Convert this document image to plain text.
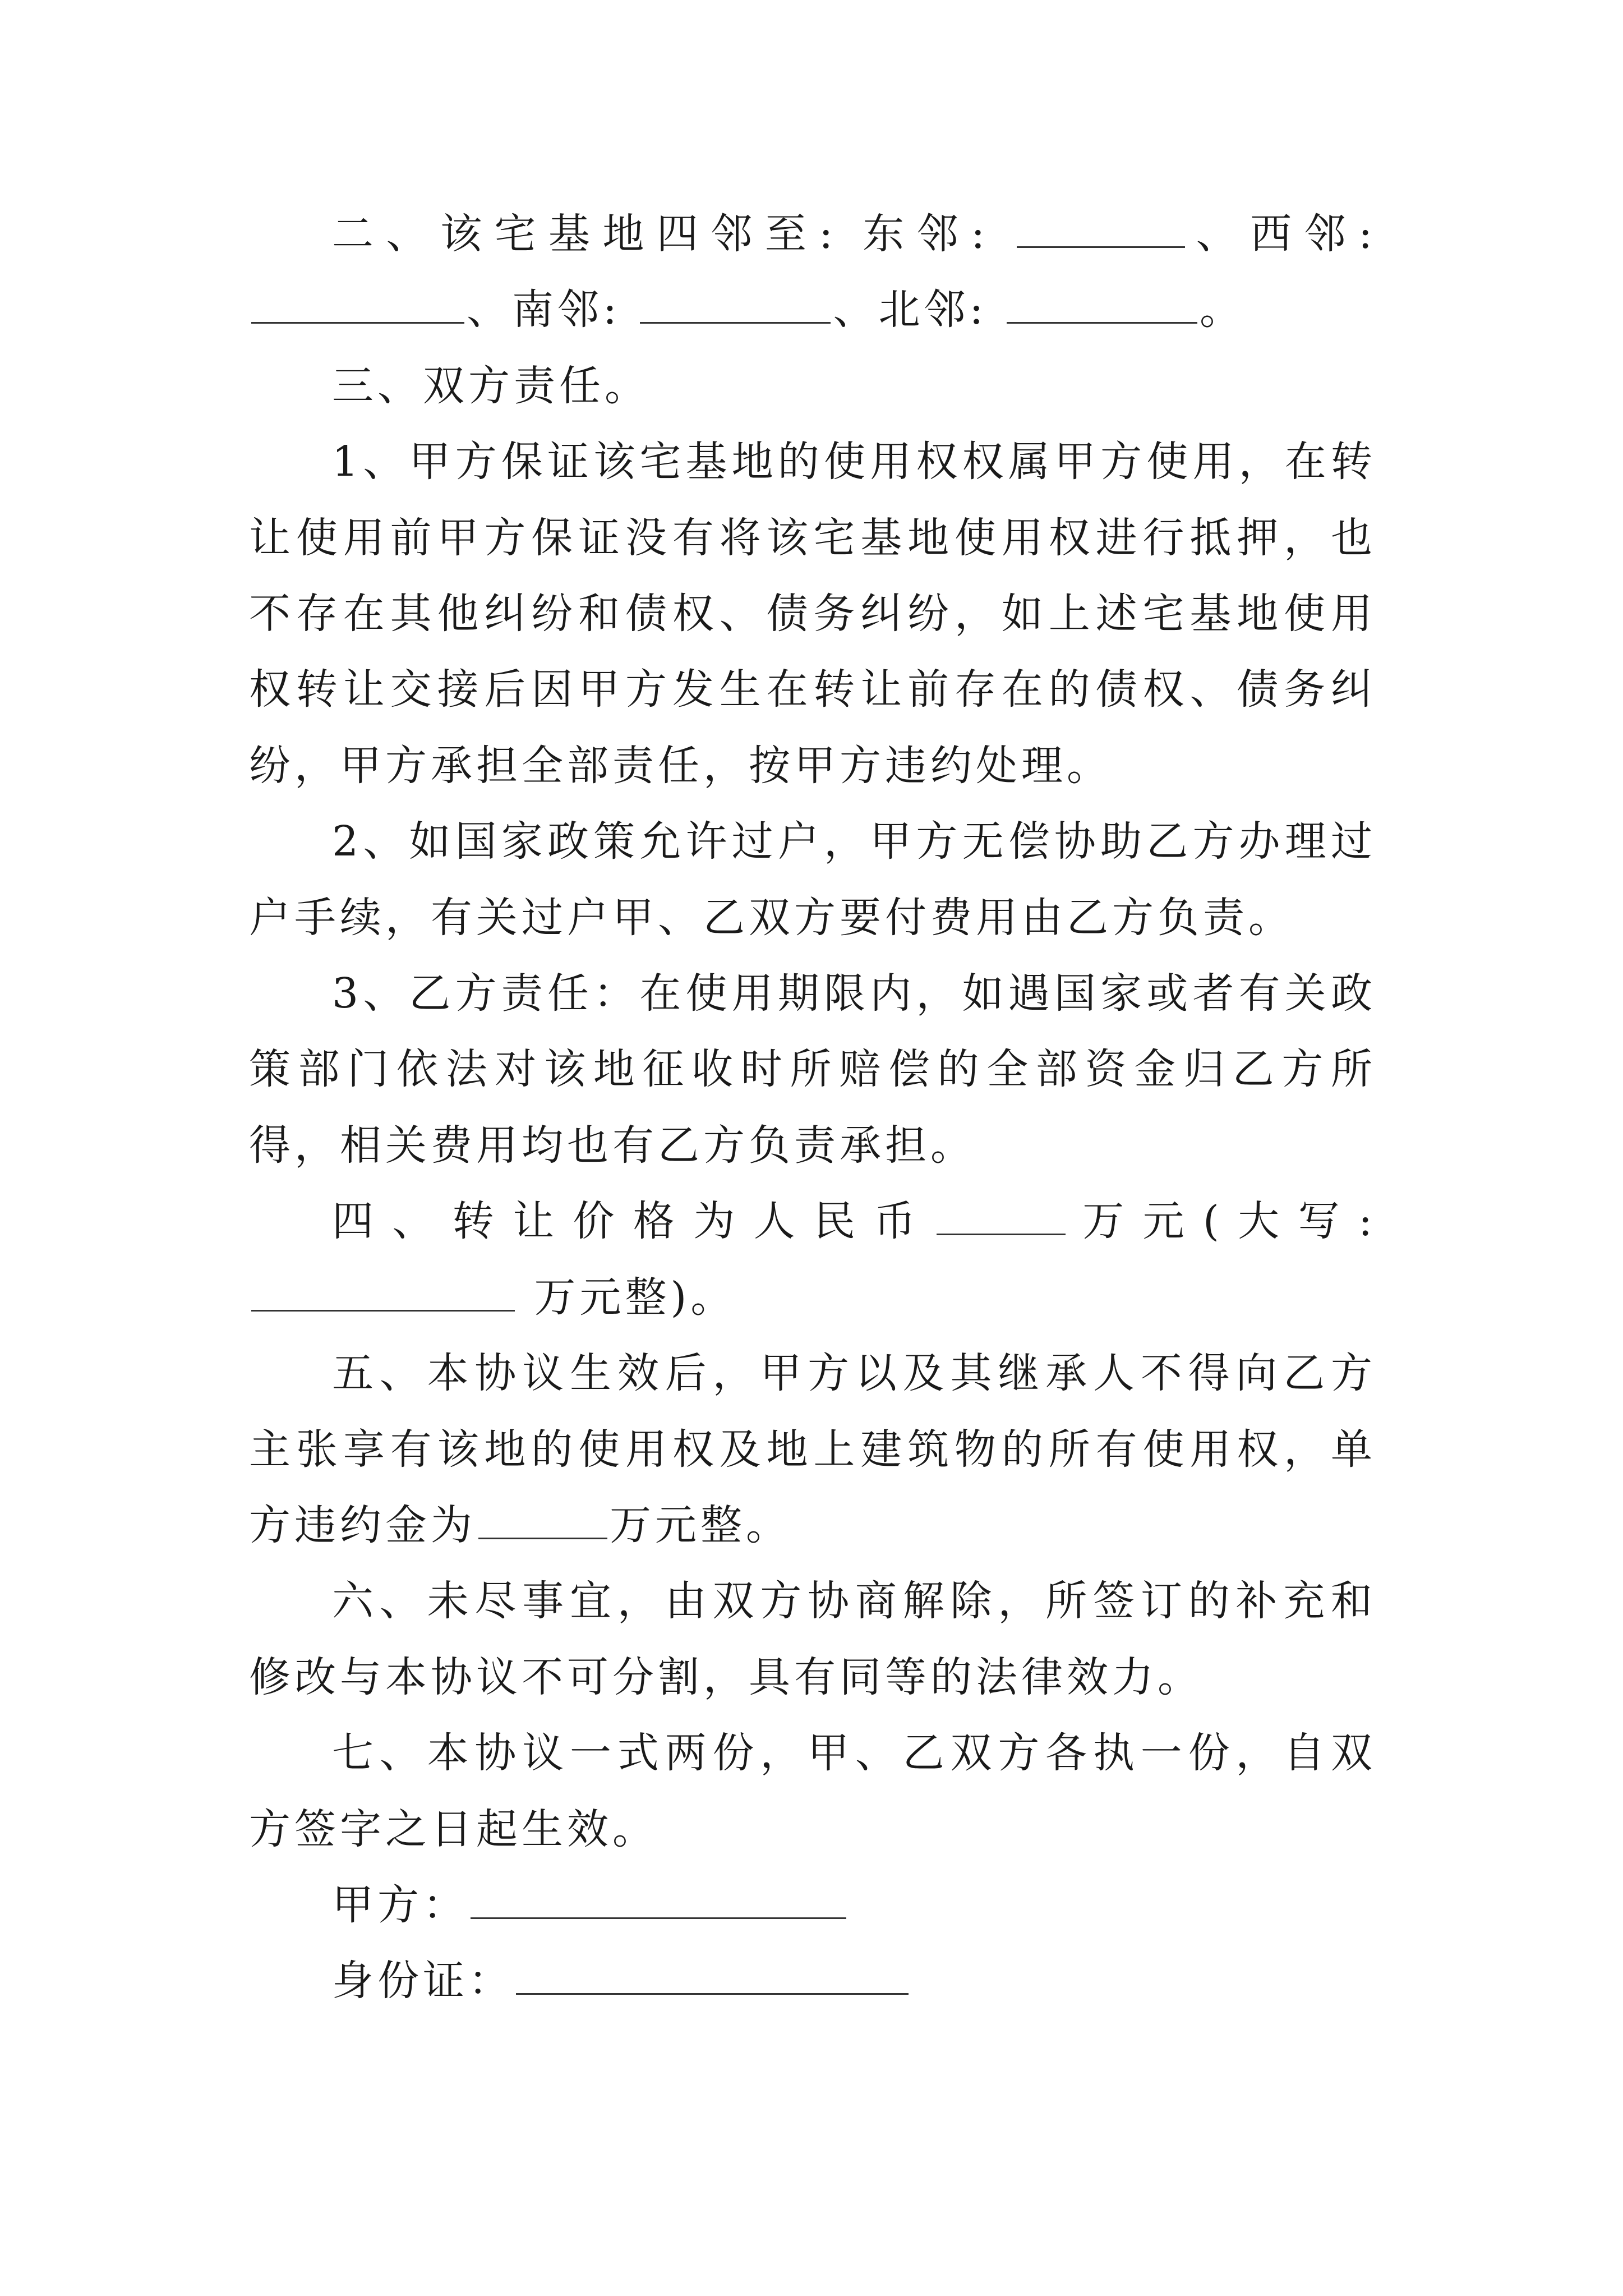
二、该宅基地四邻至: 东邻:	、西邻: 、南邻:	、北邻:	。

三、双方责任。

1、甲方保证该宅基地的使用权权属甲方使用，在转让使用前甲方保证没有将该宅基地使用权进行抵押，也不存在其他纠纷和债权、债务纠纷，如上述宅基地使用权转让交接后因甲方发生在转让前存在的债权、债务纠纷，甲方承担全部责任，按甲方违约处理。

2、如国家政策允许过户，甲方无偿协助乙方办理过户手续，有关过户甲、乙双方要付费用由乙方负责。

3、乙方责任：在使用期限内，如遇国家或者有关政策部门依法对该地征收时所赔偿的全部资金归乙方所得，相关费用均也有乙方负责承担。

四、转让价格为人民币	万元(大写:  万元整)。

五、本协议生效后，甲方以及其继承人不得向乙方主张享有该地的使用权及地上建筑物的所有使用权，单方违约金为	万元整。

六、未尽事宜，由双方协商解除，所签订的补充和修改与本协议不可分割，具有同等的法律效力。

七、本协议一式两份，甲、乙双方各执一份，自双方签字之日起生效。

甲方：

身份证：
